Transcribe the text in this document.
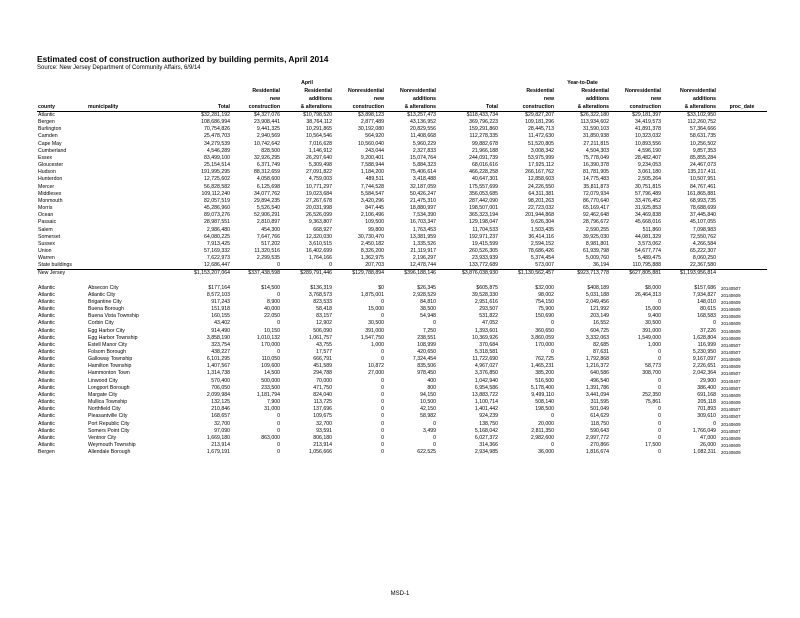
Estimated cost of construction authorized by building permits, April 2014
Source: New Jersey Department of Community Affairs, 6/9/14
				April					Year-to-Date			
			Residential	Residential	Nonresidential	Nonresidential		Residential	Residential	Nonresidential	Nonresidential	
			new	additions	new	additions		new	additions	new	additions	
county	municipality	Total	construction	& alterations	construction	& alterations	Total	construction	& alterations	construction	& alterations	proc_date
Atlantic		$32,281,192	$4,327,076	$10,798,520	$3,898,123	$13,257,473	$118,433,734	$29,827,207	$26,322,180	$29,181,397	$33,102,950	
Bergen		108,686,994	23,908,441	38,764,112	2,877,489	43,136,952	369,796,223	109,181,296	113,934,602	34,419,573	112,260,752	
Burlington		70,754,826	9,441,325	10,291,865	30,192,080	20,829,556	159,291,860	28,445,713	31,590,103	41,891,378	57,364,666	
Camden		25,478,703	2,940,569	10,564,546	564,920	11,408,668	112,278,335	11,472,630	31,850,938	10,323,032	58,631,735	
Cape May		34,279,539	10,742,642	7,016,628	10,560,040	5,960,229	99,882,678	51,520,805	27,211,815	10,893,556	10,256,502	
Cumberland		4,546,289	828,500	1,146,912	243,044	2,327,833	21,966,188	3,008,342	4,504,303	4,596,190	9,857,353	
Essex		83,499,100	32,926,295	26,297,640	9,200,401	15,074,764	244,091,739	53,975,999	75,778,049	28,482,407	85,855,284	
Gloucester		25,154,514	6,371,749	5,309,498	7,588,944	5,884,323	68,016,616	17,925,112	16,390,378	9,234,053	24,467,073	
Hudson		191,995,295	88,312,659	27,091,822	1,184,200	75,406,614	466,228,258	266,167,762	81,781,905	3,061,180	135,217,411	
Hunterdon		12,725,602	4,058,600	4,759,003	489,511	3,418,488	40,647,301	12,858,603	14,775,483	2,505,264	10,507,951	
Mercer		56,828,582	6,125,698	10,771,297	7,744,528	32,187,059	175,557,699	24,226,550	35,811,873	30,751,815	84,767,461	
Middlesex		109,112,240	34,077,762	19,023,684	5,584,547	50,426,247	356,053,685	64,311,381	72,079,934	57,796,489	161,865,881	
Monmouth		82,057,519	29,894,235	27,267,678	3,420,296	21,475,310	287,442,090	98,201,263	86,770,640	33,476,452	68,993,735	
Morris		45,286,960	5,526,540	20,031,998	847,445	18,880,997	198,507,001	22,723,032	65,169,417	31,925,853	78,688,699	
Ocean		89,073,276	52,906,291	26,526,099	2,106,496	7,534,390	365,323,194	201,944,868	92,462,648	34,469,838	37,445,840	
Passaic		28,987,551	2,810,897	9,363,807	109,500	16,703,347	129,198,047	9,626,304	28,796,672	45,668,016	45,107,055	
Salem		2,986,480	454,300	668,927	99,800	1,763,453	11,704,533	1,503,435	2,590,255	511,860	7,098,983	
Somerset		64,080,225	7,647,766	12,320,030	30,730,470	13,381,959	192,971,237	36,414,116	39,925,030	44,081,329	72,550,762	
Sussex		7,913,425	517,202	3,610,515	2,450,182	1,335,526	19,415,599	2,594,152	8,981,801	3,573,062	4,266,584	
Union		57,169,332	11,320,516	16,402,699	8,326,200	21,119,917	260,526,305	78,686,426	61,939,798	54,677,774	65,222,307	
Warren		7,622,973	2,299,535	1,764,166	1,362,975	2,196,297	23,933,939	5,374,454	5,009,760	5,489,475	8,060,250	
State buildings		12,686,447	0	0	207,703	12,478,744	133,772,689	573,007	36,194	110,795,888	22,367,580	
New Jersey		$1,153,207,064	$337,438,598	$289,791,446	$129,788,894	$396,188,146	$3,876,038,930	$1,130,562,457	$923,713,778	$627,805,881	$1,193,956,814	

Atlantic	Absecon City	$177,164	$14,500	$136,319	$0	$26,345	$605,875	$32,000	$408,189	$8,000	$157,686	20140507
Atlantic	Atlantic City	8,572,103	0	3,768,573	1,875,001	2,928,529	39,528,330	98,002	5,031,188	26,464,313	7,934,827	20140609
Atlantic	Brigantine City	917,243	8,900	823,533	0	84,810	2,951,616	754,150	2,049,456	0	148,010	20140609
Atlantic	Buena Borough	151,918	40,000	58,418	15,000	38,500	293,507	75,900	121,992	15,000	80,615	20140609
Atlantic	Buena Vista Township	160,155	22,050	83,157	0	54,948	531,822	150,690	203,149	9,400	168,583	20140609
Atlantic	Corbin City	43,402	0	12,902	30,500	0	47,052	0	16,552	30,500	0	20140609
Atlantic	Egg Harbor City	914,490	10,150	506,090	391,000	7,250	1,393,601	360,650	604,725	391,000	37,226	20140609
Atlantic	Egg Harbor Township	3,858,190	1,010,132	1,061,757	1,547,750	238,551	10,369,926	3,860,059	3,332,063	1,549,000	1,628,804	20140609
Atlantic	Estell Manor City	323,754	170,000	43,755	1,000	108,999	370,684	170,000	82,685	1,000	116,999	20140507
Atlantic	Folsom Borough	438,227	0	17,577	0	420,650	5,318,581	0	87,631	0	5,230,950	20140507
Atlantic	Galloway Township	6,101,295	110,050	666,791	0	7,324,454	11,722,690	762,725	1,792,868	0	9,167,097	20140609
Atlantic	Hamilton Township	1,407,567	109,600	451,589	10,872	835,506	4,967,027	1,465,231	1,216,372	58,773	2,226,651	20140609
Atlantic	Hammonton Town	1,314,738	14,500	294,788	27,000	978,450	3,376,850	385,200	640,586	308,700	2,042,364	20140507
Atlantic	Linwood City	570,400	500,000	70,000	0	400	1,042,940	516,500	496,540	0	29,900	20140407
Atlantic	Longport Borough	706,050	233,500	471,750	0	800	6,954,586	5,178,400	1,391,786	0	386,400	20140507
Atlantic	Margate City	2,099,984	1,181,794	824,040	0	94,150	13,883,722	9,499,110	3,441,094	252,350	691,168	20140609
Atlantic	Mullica Township	132,125	7,900	113,725	0	10,500	1,100,714	508,140	311,595	75,861	205,118	20140609
Atlantic	Northfield City	210,846	31,000	137,696	0	42,150	1,401,442	198,500	501,049	0	701,893	20140507
Atlantic	Pleasantville City	168,657	0	109,675	0	58,982	924,239	0	614,629	0	309,610	20140507
Atlantic	Port Republic City	32,700	0	32,700	0	0	138,750	20,000	118,750	0	0	20140609
Atlantic	Somers Point City	97,090	0	93,591	0	3,499	5,168,042	2,811,350	590,643	0	1,766,049	20140507
Atlantic	Ventnor City	1,669,180	863,000	806,180	0	0	6,027,372	2,982,600	2,997,772	0	47,000	20140609
Atlantic	Weymouth Township	213,914	0	213,914	0	0	314,366	0	270,866	17,500	26,000	20140609
Bergen	Allendale Borough	1,679,191	0	1,056,666	0	622,525	2,934,985	36,000	1,816,674	0	1,082,311	20140609
MSD-1
